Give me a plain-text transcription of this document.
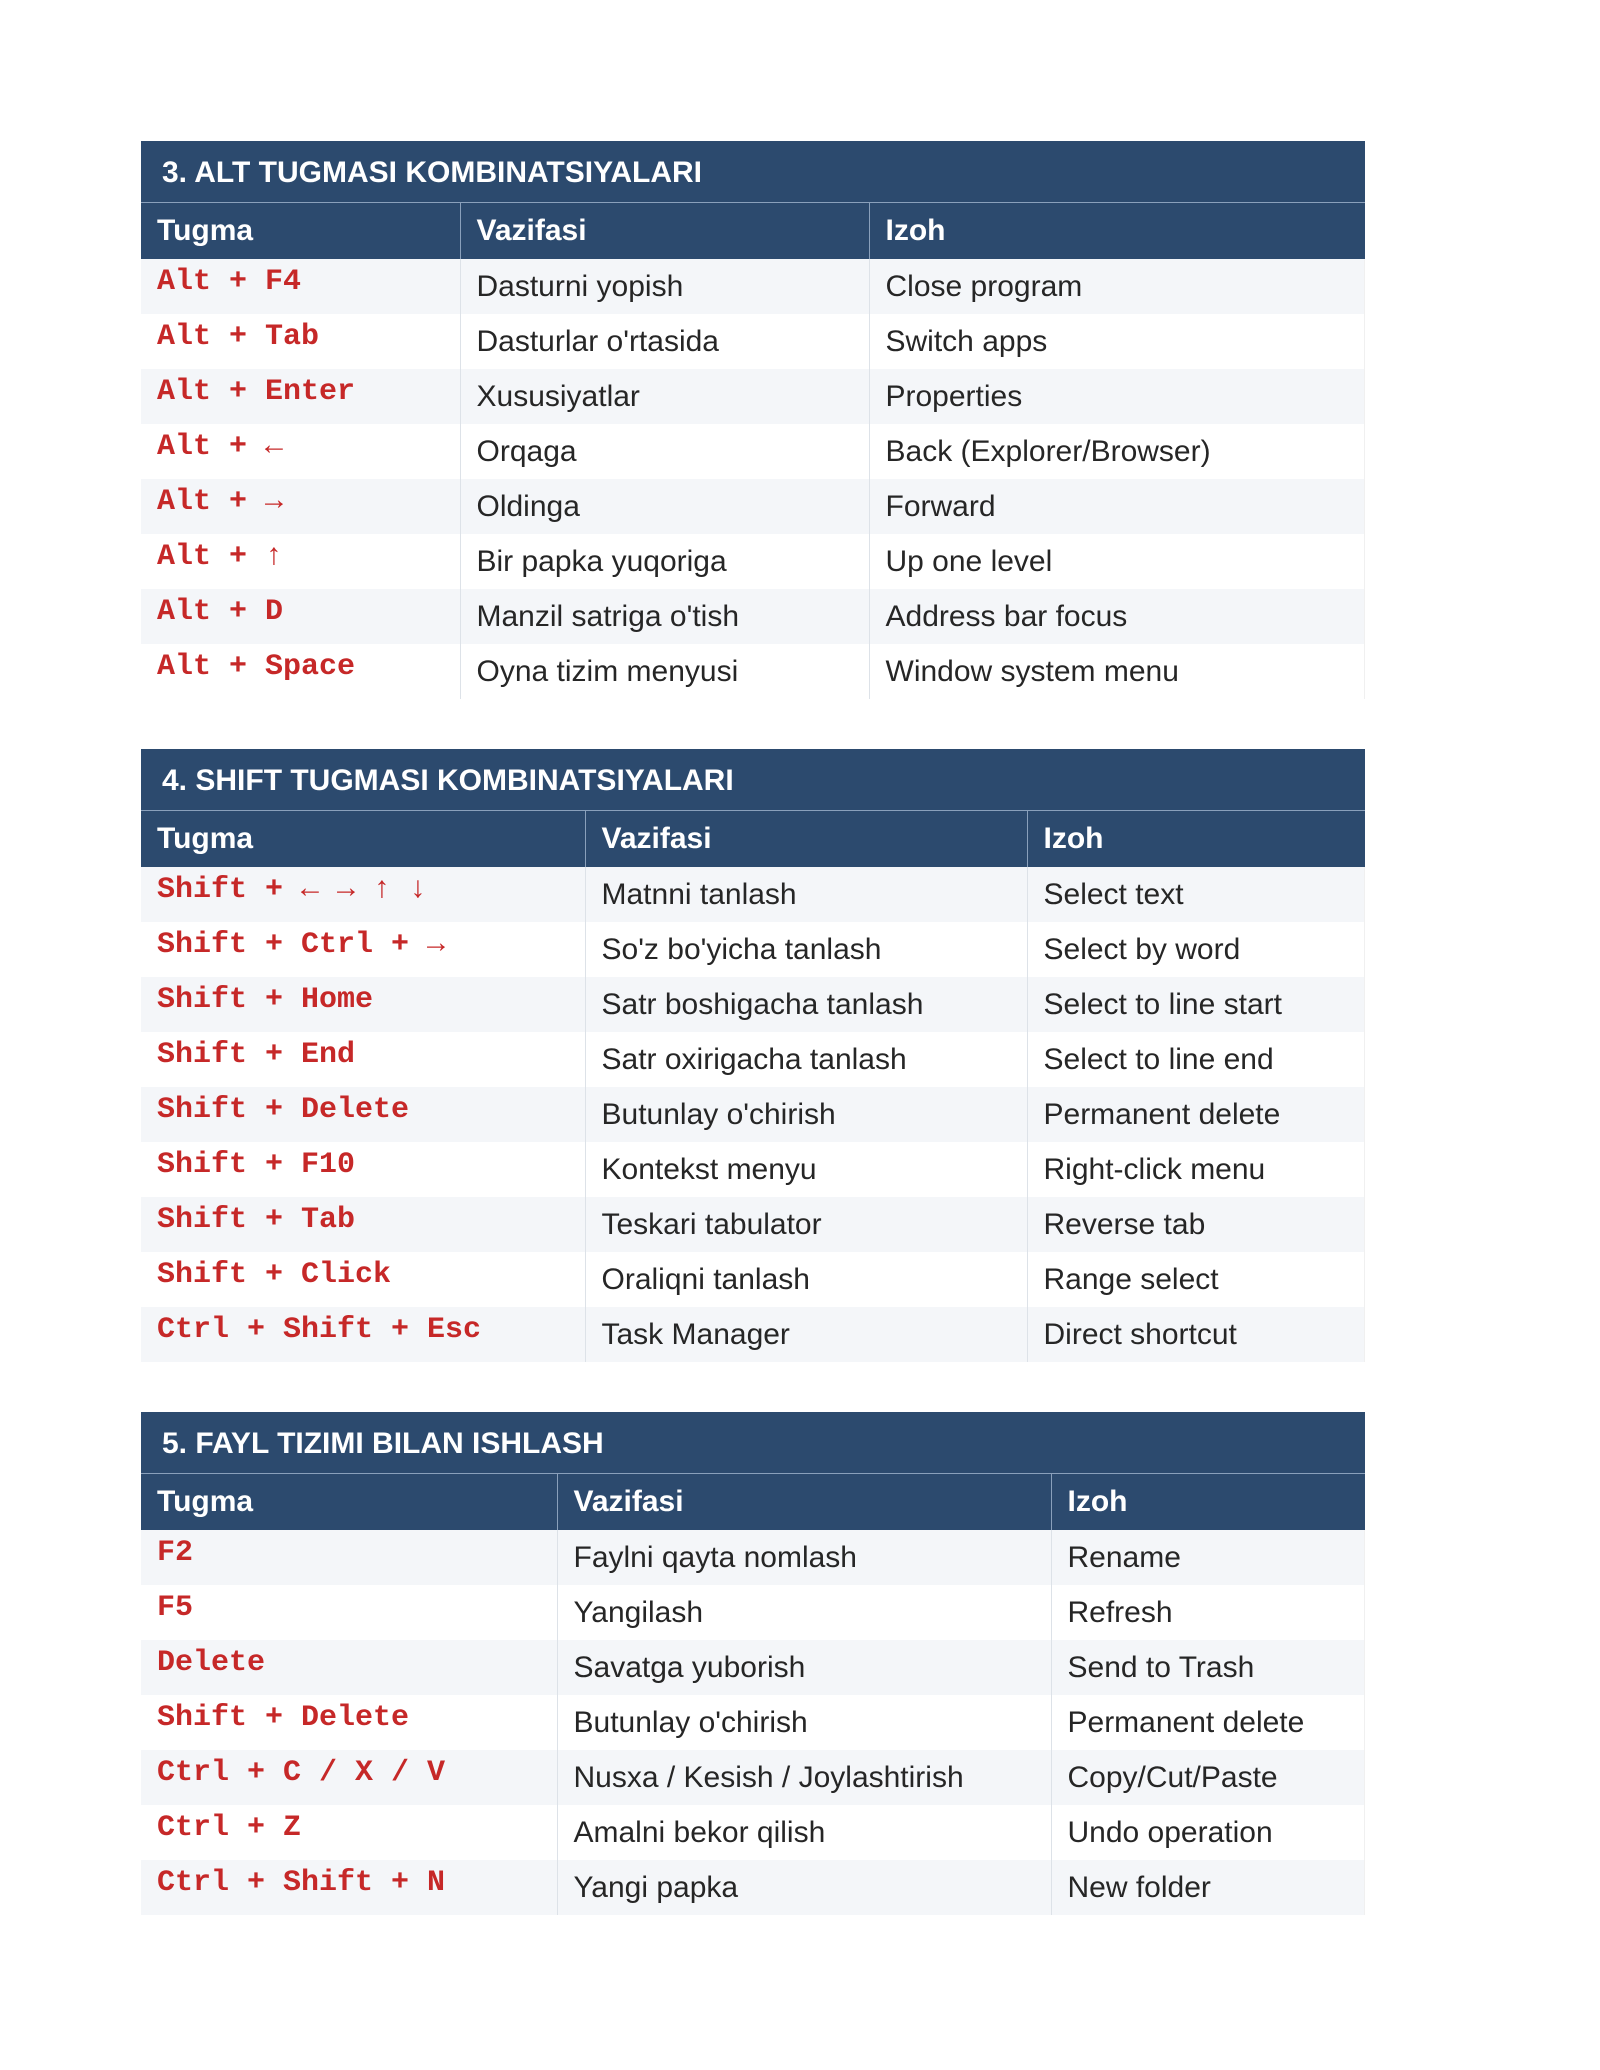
3. ALT TUGMASI KOMBINATSIYALARI
Tugma	Vazifasi	Izoh
Alt + F4	Dasturni yopish	Close program
Alt + Tab	Dasturlar o'rtasida	Switch apps
Alt + Enter	Xususiyatlar	Properties
Alt + ←	Orqaga	Back (Explorer/Browser)
Alt + →	Oldinga	Forward
Alt + ↑	Bir papka yuqoriga	Up one level
Alt + D	Manzil satriga o'tish	Address bar focus
Alt + Space	Oyna tizim menyusi	Window system menu
4. SHIFT TUGMASI KOMBINATSIYALARI
Tugma	Vazifasi	Izoh
Shift + ← → ↑ ↓	Matnni tanlash	Select text
Shift + Ctrl + →	So'z bo'yicha tanlash	Select by word
Shift + Home	Satr boshigacha tanlash	Select to line start
Shift + End	Satr oxirigacha tanlash	Select to line end
Shift + Delete	Butunlay o'chirish	Permanent delete
Shift + F10	Kontekst menyu	Right-click menu
Shift + Tab	Teskari tabulator	Reverse tab
Shift + Click	Oraliqni tanlash	Range select
Ctrl + Shift + Esc	Task Manager	Direct shortcut
5. FAYL TIZIMI BILAN ISHLASH
Tugma	Vazifasi	Izoh
F2	Faylni qayta nomlash	Rename
F5	Yangilash	Refresh
Delete	Savatga yuborish	Send to Trash
Shift + Delete	Butunlay o'chirish	Permanent delete
Ctrl + C / X / V	Nusxa / Kesish / Joylashtirish	Copy/Cut/Paste
Ctrl + Z	Amalni bekor qilish	Undo operation
Ctrl + Shift + N	Yangi papka	New folder
